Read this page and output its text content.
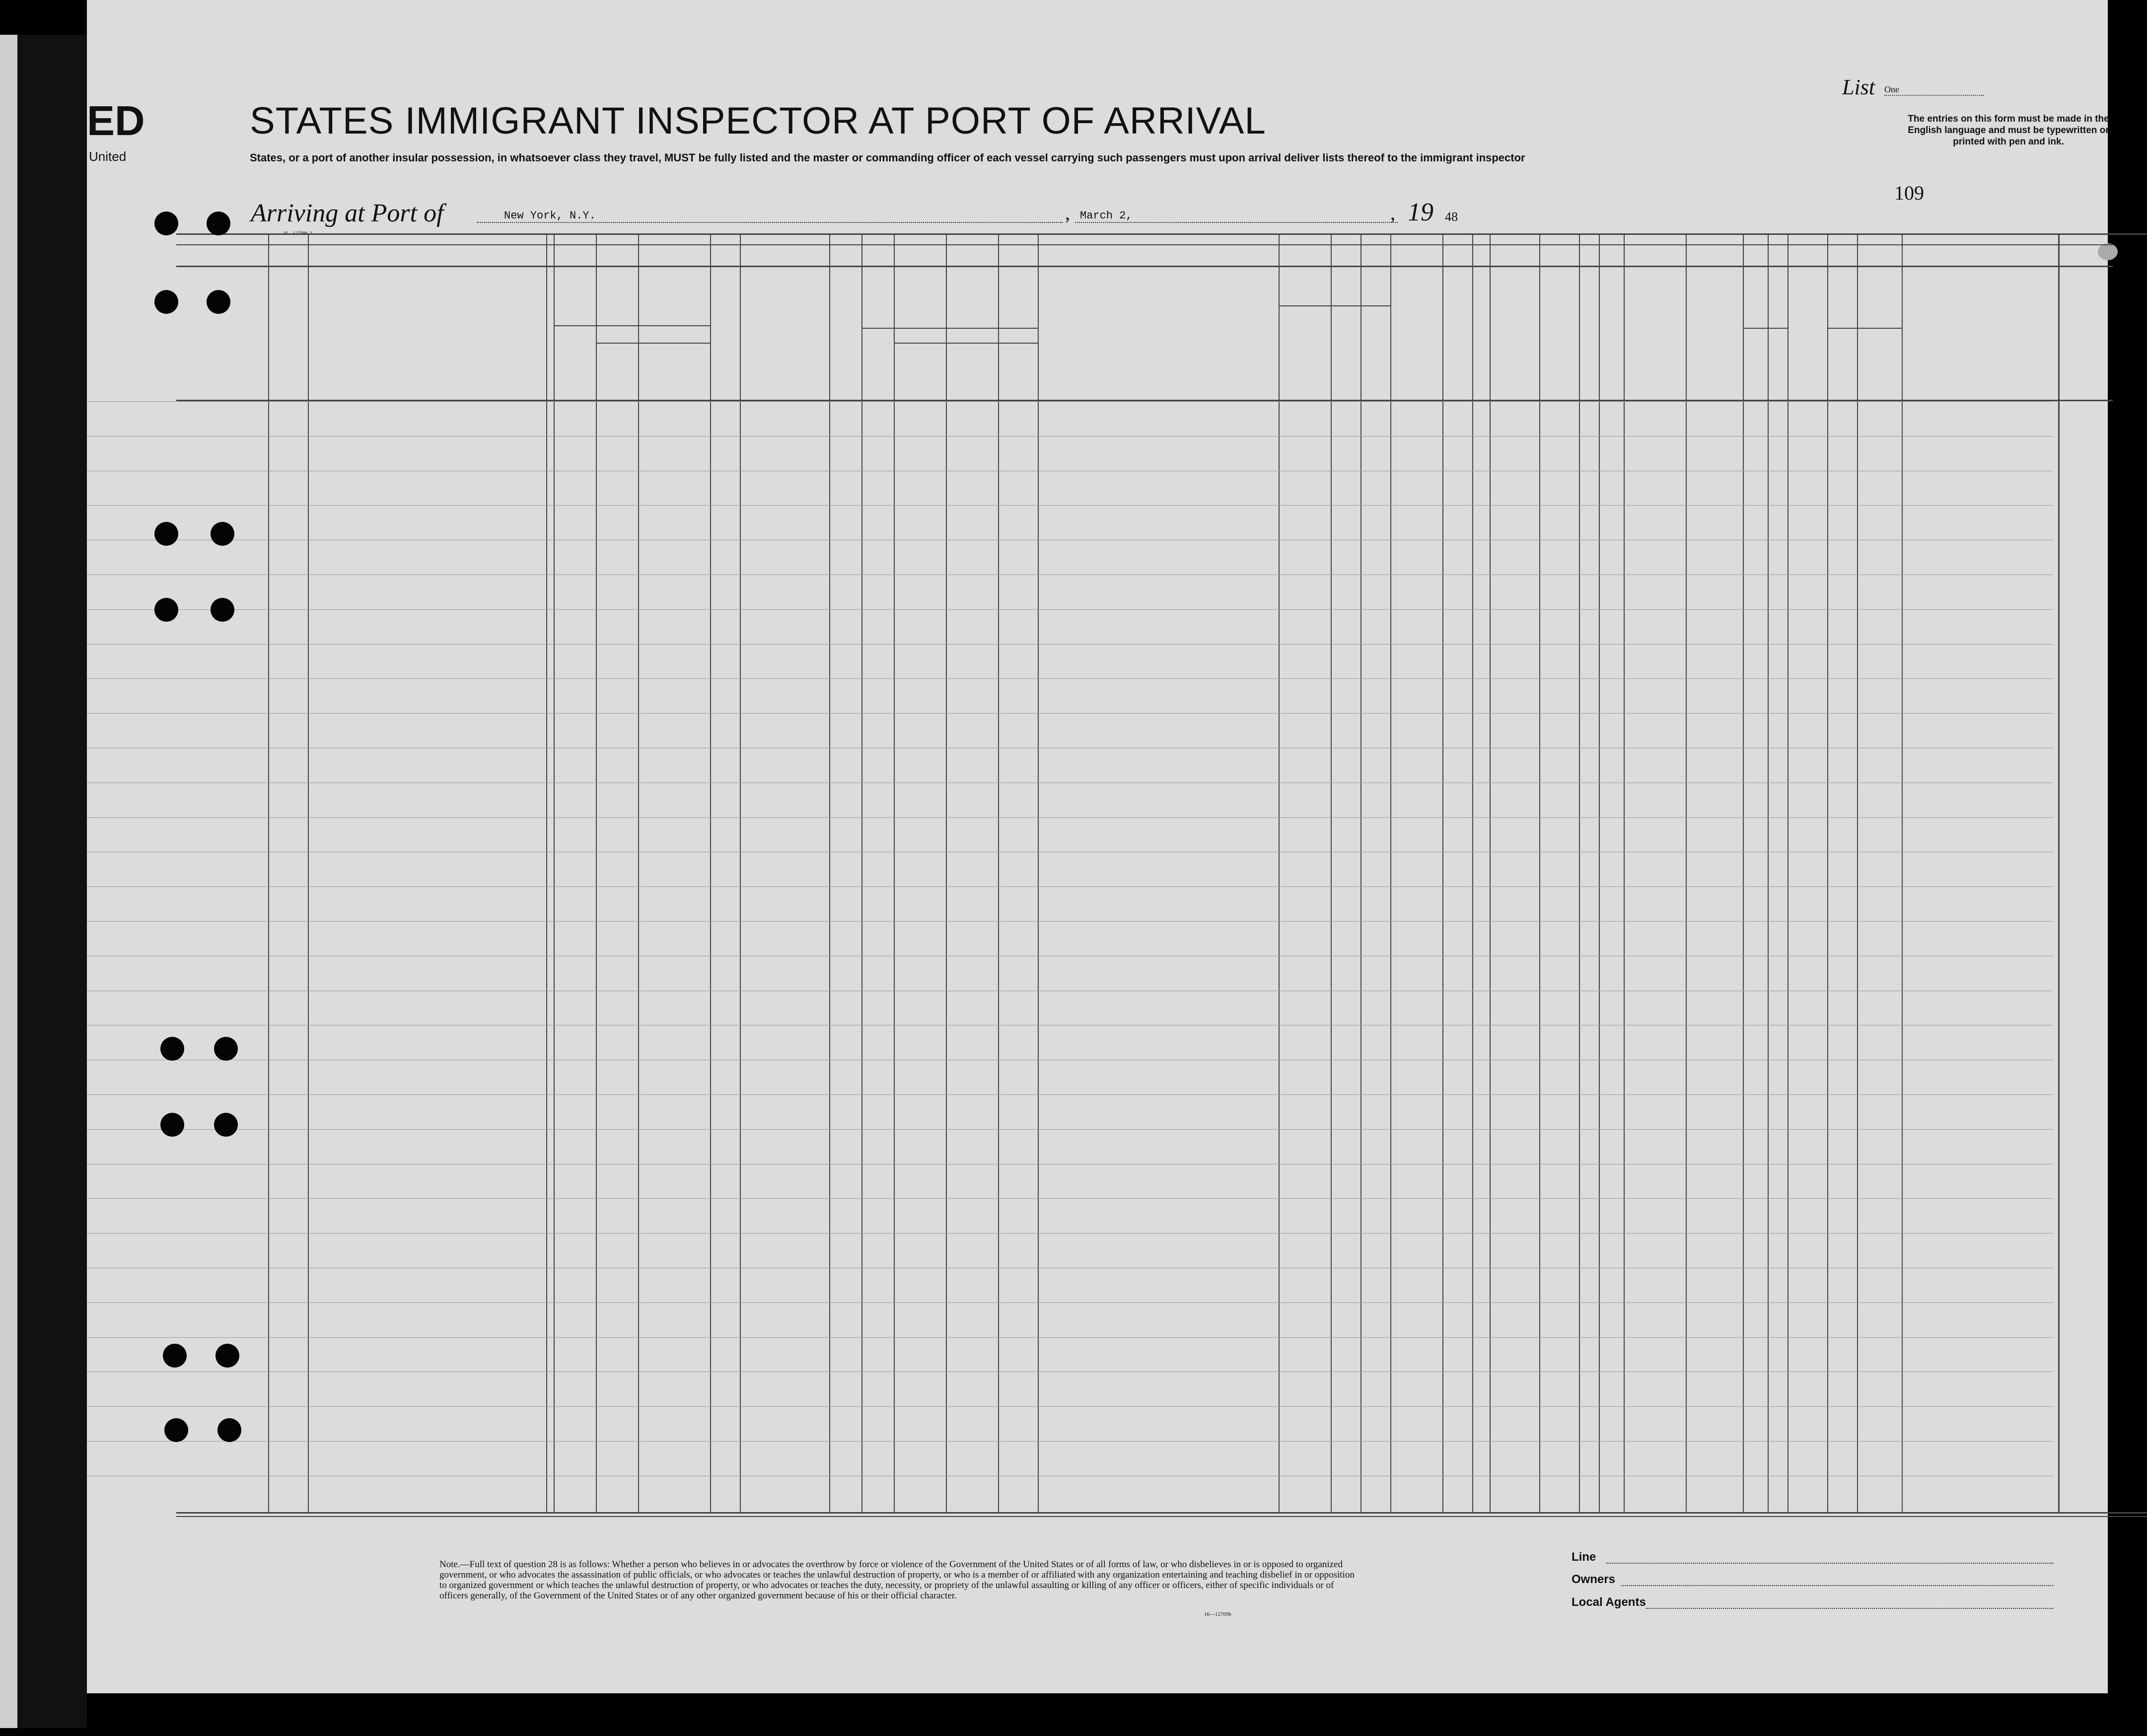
ED
United
STATES IMMIGRANT INSPECTOR AT PORT OF ARRIVAL
States, or a port of another insular possession, in whatsoever class they travel, MUST be fully listed and the master or commanding officer of each vessel carrying such passengers must upon arrival deliver lists thereof to the immigrant inspector
List One
The entries on this form must be made in the English language and must be typewritten or printed with pen and ink.
109
Arriving at Port of	New York, N.Y.	, March 2,	, 19 48
Note.—Full text of question 28 is as follows: Whether a person who believes in or advocates the overthrow by force or violence of the Government of the United States or of all forms of law, or who disbelieves in or is opposed to organized government, or who advocates the assassination of public officials, or who advocates or teaches the unlawful destruction of property, or who is a member of or affiliated with any organization entertaining and teaching disbelief in or opposition to organized government or which teaches the unlawful destruction of property, or who advocates or teaches the duty, necessity, or propriety of the unlawful assaulting or killing of any officer or officers, either of specific individuals or of officers generally, of the Government of the United States or of any other organized government because of his or their official character.
16—12709b
Line
Owners
Local Agents
